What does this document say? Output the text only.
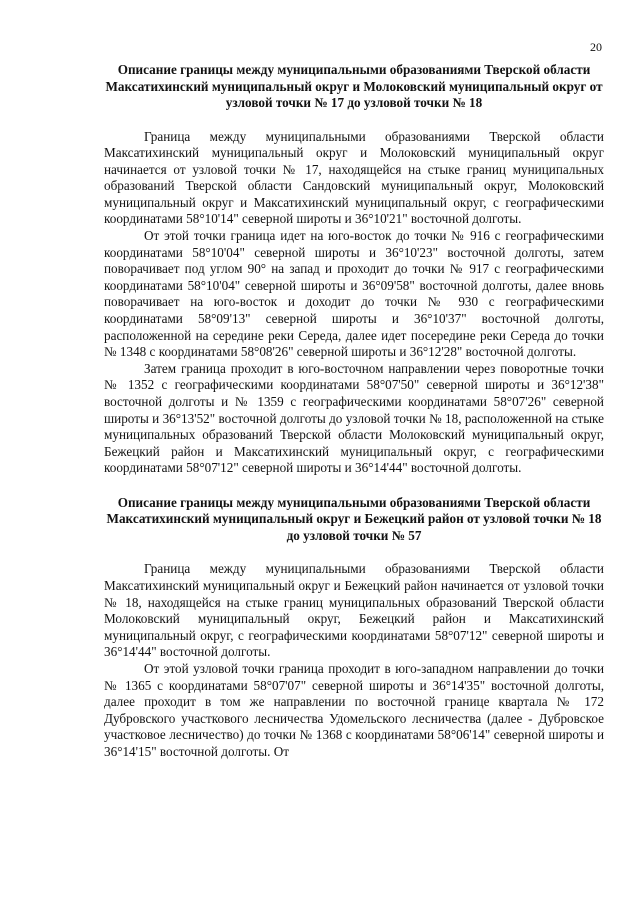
20
Описание границы между муниципальными образованиями Тверской области Максатихинский муниципальный округ и Молоковский муниципальный округ от узловой точки № 17 до узловой точки № 18

Граница между муниципальными образованиями Тверской области Максатихинский муниципальный округ и Молоковский муниципальный округ начинается от узловой точки № 17, находящейся на стыке границ муниципальных образований Тверской области Сандовский муниципальный округ, Молоковский муниципальный округ и Максатихинский муниципальный округ, с географическими координатами 58°10'14" северной широты и 36°10'21" восточной долготы.

От этой точки граница идет на юго-восток до точки № 916 с географическими координатами 58°10'04" северной широты и 36°10'23" восточной долготы, затем поворачивает под углом 90° на запад и проходит до точки № 917 с географическими координатами 58°10'04" северной широты и 36°09'58" восточной долготы, далее вновь поворачивает на юго-восток и доходит до точки № 930 с географическими координатами 58°09'13" северной широты и 36°10'37" восточной долготы, расположенной на середине реки Середа, далее идет посередине реки Середа до точки № 1348 с координатами 58°08'26" северной широты и 36°12'28" восточной долготы.

Затем граница проходит в юго-восточном направлении через поворотные точки № 1352 с географическими координатами 58°07'50" северной широты и 36°12'38" восточной долготы и № 1359 с географическими координатами 58°07'26" северной широты и 36°13'52" восточной долготы до узловой точки № 18, расположенной на стыке муниципальных образований Тверской области Молоковский муниципальный округ, Бежецкий район и Максатихинский муниципальный округ, с географическими координатами 58°07'12" северной широты и 36°14'44" восточной долготы.

Описание границы между муниципальными образованиями Тверской области Максатихинский муниципальный округ и Бежецкий район от узловой точки № 18 до узловой точки № 57

Граница между муниципальными образованиями Тверской области Максатихинский муниципальный округ и Бежецкий район начинается от узловой точки № 18, находящейся на стыке границ муниципальных образований Тверской области Молоковский муниципальный округ, Бежецкий район и Максатихинский муниципальный округ, с географическими координатами 58°07'12" северной широты и 36°14'44" восточной долготы.

От этой узловой точки граница проходит в юго-западном направлении до точки № 1365 с координатами 58°07'07" северной широты и 36°14'35" восточной долготы, далее проходит в том же направлении по восточной границе квартала № 172 Дубровского участкового лесничества Удомельского лесничества (далее - Дубровское участковое лесничество) до точки № 1368 с координатами 58°06'14" северной широты и 36°14'15" восточной долготы. От
